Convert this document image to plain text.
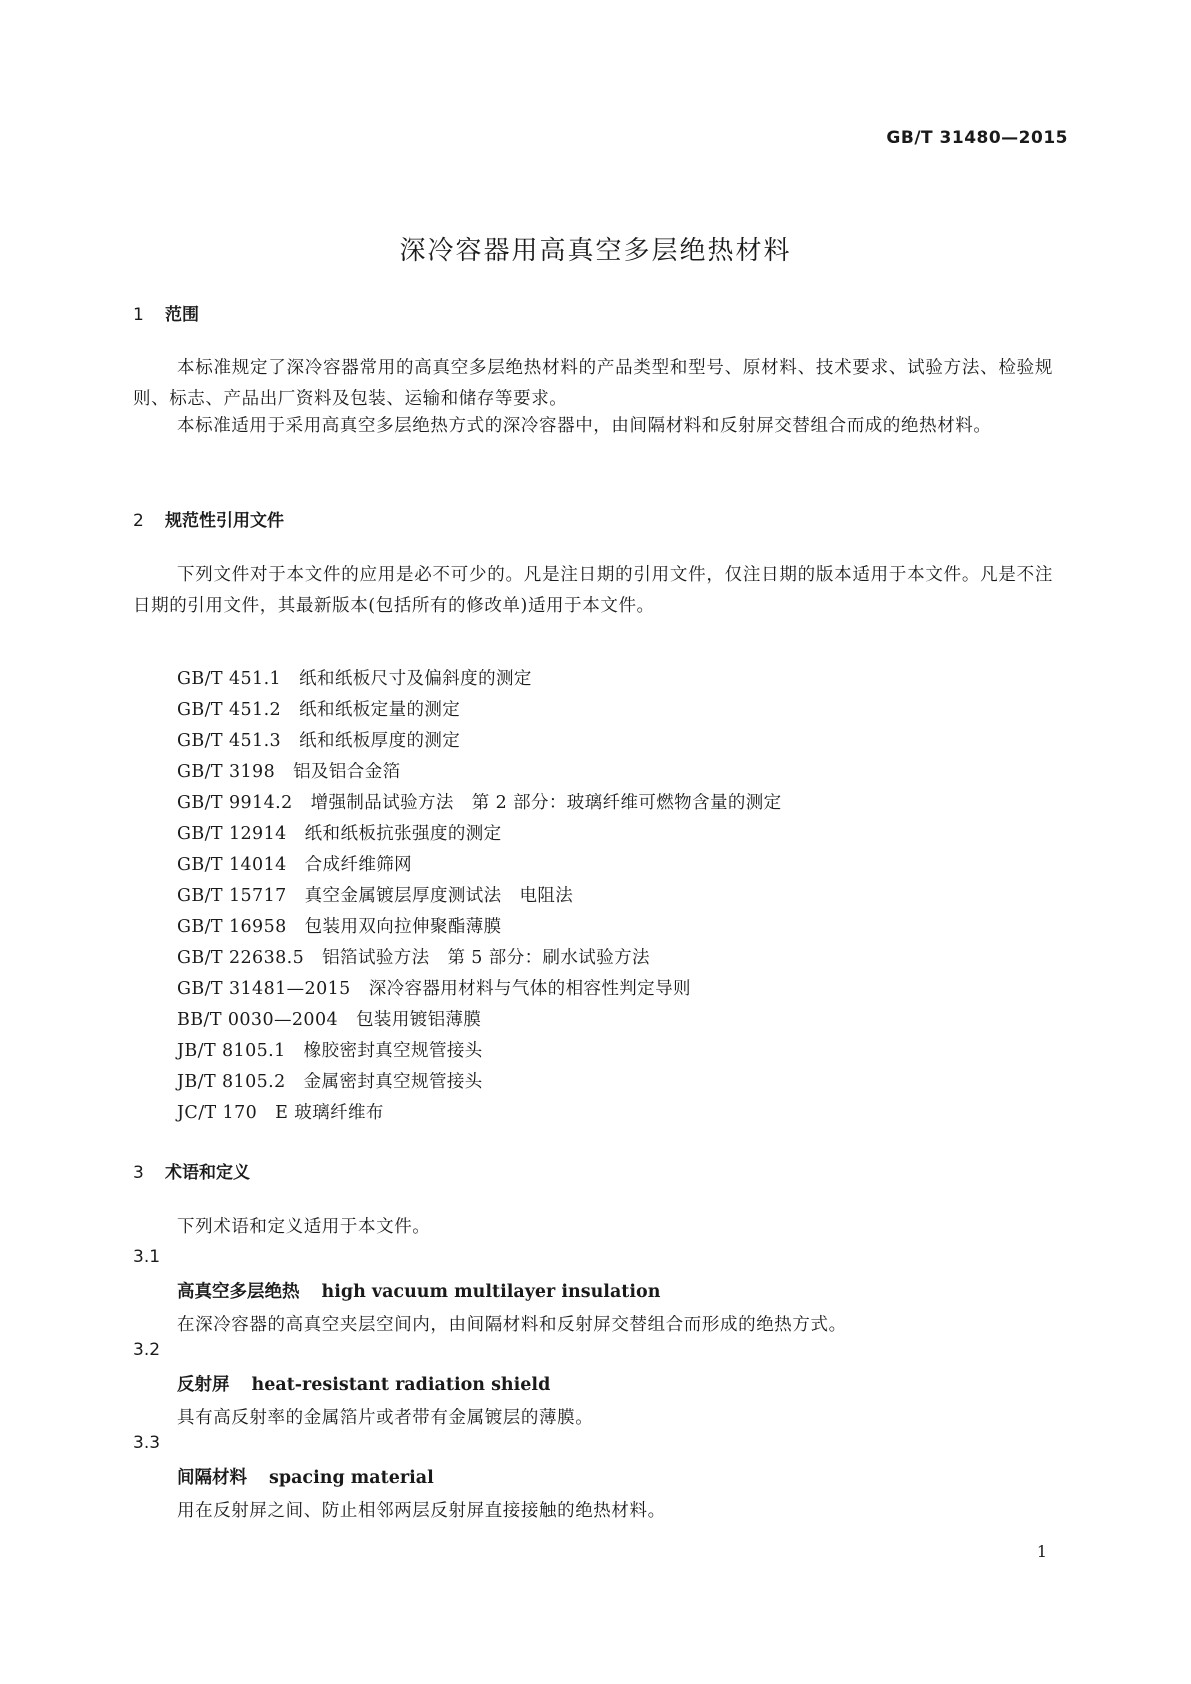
GB/T 31480—2015
深冷容器用高真空多层绝热材料
1 范围
本标准规定了深冷容器常用的高真空多层绝热材料的产品类型和型号、原材料、技术要求、试验方法、检验规则、标志、产品出厂资料及包装、运输和储存等要求。
本标准适用于采用高真空多层绝热方式的深冷容器中，由间隔材料和反射屏交替组合而成的绝热材料。
2 规范性引用文件
下列文件对于本文件的应用是必不可少的。凡是注日期的引用文件，仅注日期的版本适用于本文件。凡是不注日期的引用文件，其最新版本(包括所有的修改单)适用于本文件。
GB/T 451.1 纸和纸板尺寸及偏斜度的测定
GB/T 451.2 纸和纸板定量的测定
GB/T 451.3 纸和纸板厚度的测定
GB/T 3198 铝及铝合金箔
GB/T 9914.2 增强制品试验方法　第 2 部分：玻璃纤维可燃物含量的测定
GB/T 12914 纸和纸板抗张强度的测定
GB/T 14014 合成纤维筛网
GB/T 15717 真空金属镀层厚度测试法　电阻法
GB/T 16958 包装用双向拉伸聚酯薄膜
GB/T 22638.5 铝箔试验方法　第 5 部分：刷水试验方法
GB/T 31481—2015 深冷容器用材料与气体的相容性判定导则
BB/T 0030—2004 包装用镀铝薄膜
JB/T 8105.1 橡胶密封真空规管接头
JB/T 8105.2 金属密封真空规管接头
JC/T 170 E 玻璃纤维布
3 术语和定义
下列术语和定义适用于本文件。
3.1
高真空多层绝热 high vacuum multilayer insulation
在深冷容器的高真空夹层空间内，由间隔材料和反射屏交替组合而形成的绝热方式。
3.2
反射屏 heat-resistant radiation shield
具有高反射率的金属箔片或者带有金属镀层的薄膜。
3.3
间隔材料 spacing material
用在反射屏之间、防止相邻两层反射屏直接接触的绝热材料。
1
